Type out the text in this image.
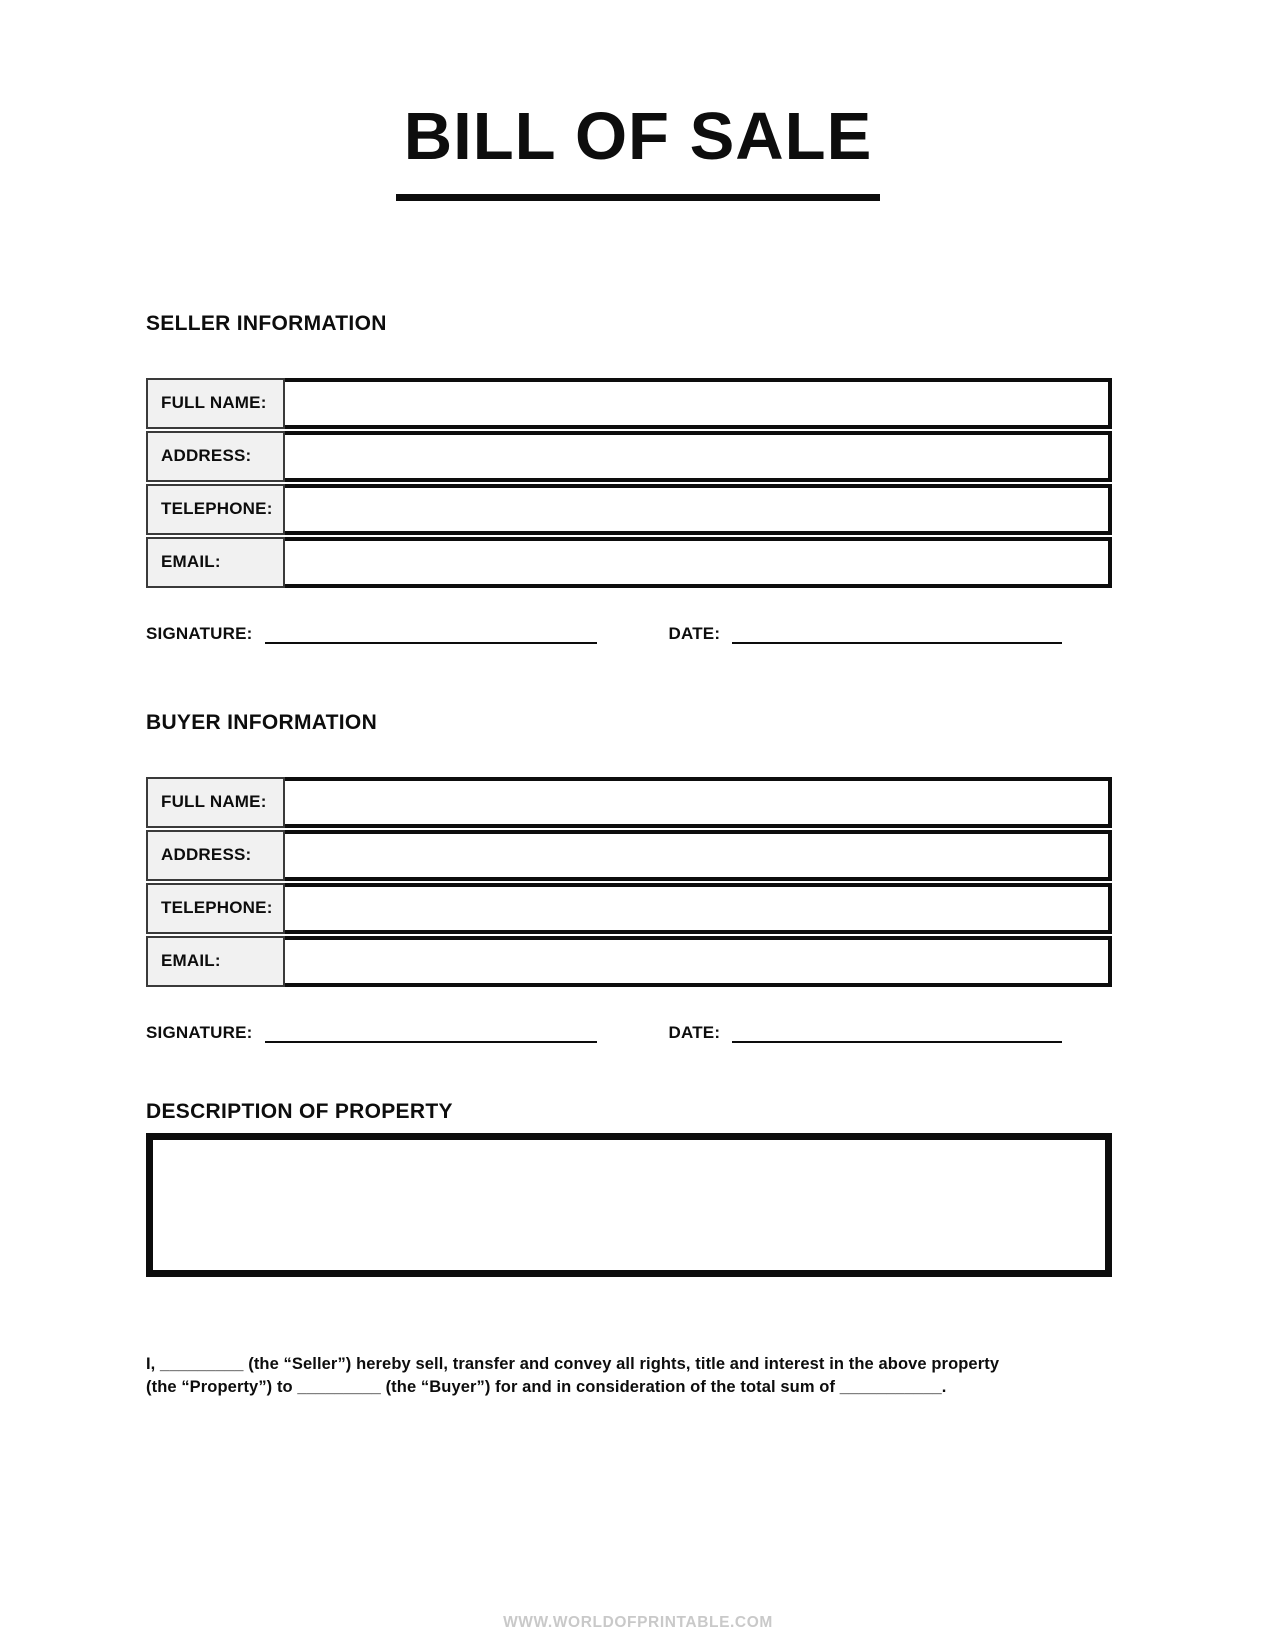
BILL OF SALE
SELLER INFORMATION
FULL NAME:
ADDRESS:
TELEPHONE:
EMAIL:
SIGNATURE:	DATE:
BUYER INFORMATION
FULL NAME:
ADDRESS:
TELEPHONE:
EMAIL:
SIGNATURE:	DATE:
DESCRIPTION OF PROPERTY

I, _________ (the “Seller”) hereby sell, transfer and convey all rights, title and interest in the above property
(the “Property”) to _________ (the “Buyer”) for and in consideration of the total sum of ___________.

WWW.WORLDOFPRINTABLE.COM
